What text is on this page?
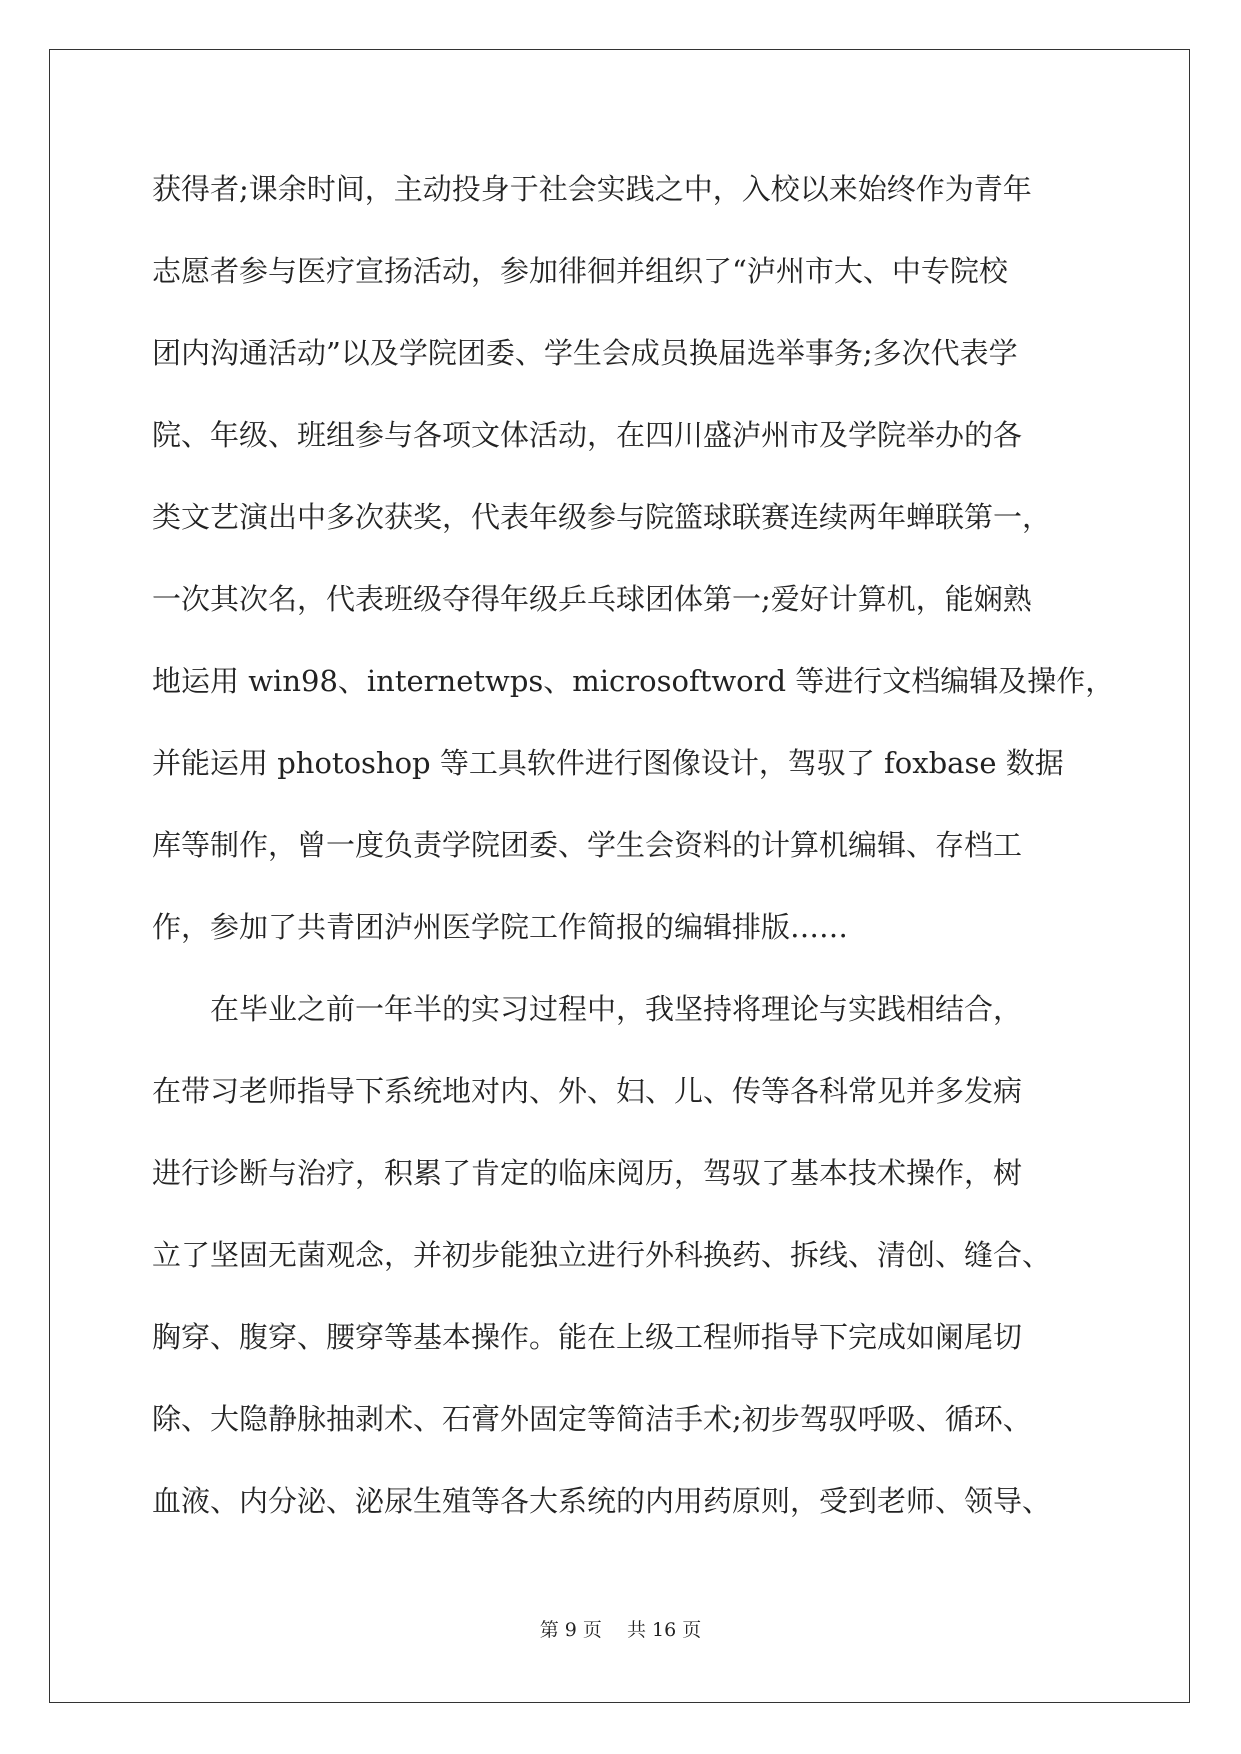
获得者;课余时间，主动投身于社会实践之中，入校以来始终作为青年
志愿者参与医疗宣扬活动，参加徘徊并组织了“泸州市大、中专院校
团内沟通活动”以及学院团委、学生会成员换届选举事务;多次代表学
院、年级、班组参与各项文体活动，在四川盛泸州市及学院举办的各
类文艺演出中多次获奖，代表年级参与院篮球联赛连续两年蝉联第一，
一次其次名，代表班级夺得年级乒乓球团体第一;爱好计算机，能娴熟
地运用 win98、internetwps、microsoftword 等进行文档编辑及操作，
并能运用 photoshop 等工具软件进行图像设计，驾驭了 foxbase 数据
库等制作，曾一度负责学院团委、学生会资料的计算机编辑、存档工
作，参加了共青团泸州医学院工作简报的编辑排版……
　　在毕业之前一年半的实习过程中，我坚持将理论与实践相结合，
在带习老师指导下系统地对内、外、妇、儿、传等各科常见并多发病
进行诊断与治疗，积累了肯定的临床阅历，驾驭了基本技术操作，树
立了坚固无菌观念，并初步能独立进行外科换药、拆线、清创、缝合、
胸穿、腹穿、腰穿等基本操作。能在上级工程师指导下完成如阑尾切
除、大隐静脉抽剥术、石膏外固定等简洁手术;初步驾驭呼吸、循环、
血液、内分泌、泌尿生殖等各大系统的内用药原则，受到老师、领导、
第 9 页　 共 16 页
